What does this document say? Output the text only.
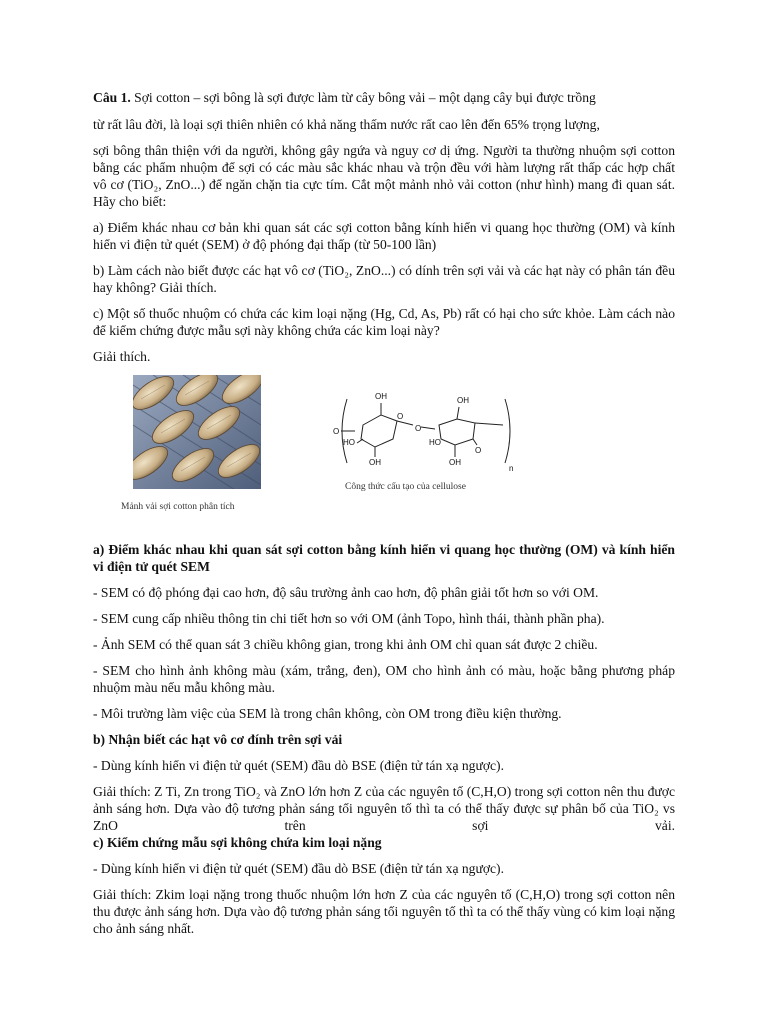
Câu 1. Sợi cotton – sợi bông là sợi được làm từ cây bông vải – một dạng cây bụi được trồng

từ rất lâu đời, là loại sợi thiên nhiên có khả năng thấm nước rất cao lên đến 65% trọng lượng,

sợi bông thân thiện với da người, không gây ngứa và nguy cơ dị ứng. Người ta thường nhuộm sợi cotton bằng các phẩm nhuộm để sợi có các màu sắc khác nhau và trộn đều với hàm lượng rất thấp các hợp chất vô cơ (TiO₂, ZnO...) để ngăn chặn tia cực tím. Cắt một mảnh nhỏ vải cotton (như hình) mang đi quan sát. Hãy cho biết:

a) Điểm khác nhau cơ bản khi quan sát các sợi cotton bằng kính hiển vi quang học thường (OM) và kính hiển vi điện tử quét (SEM) ở độ phóng đại thấp (từ 50-100 lần)

b) Làm cách nào biết được các hạt vô cơ (TiO₂, ZnO...) có dính trên sợi vải và các hạt này có phân tán đều hay không? Giải thích.

c) Một số thuốc nhuộm có chứa các kim loại nặng (Hg, Cd, As, Pb) rất có hại cho sức khỏe. Làm cách nào để kiểm chứng được mẫu sợi này không chứa các kim loại này?

Giải thích.

Mảnh vải sợi cotton phân tích
O
OH
O
HO
OH
O
HO
OH
O
OH
n
Công thức cấu tạo của cellulose

a) Điểm khác nhau khi quan sát sợi cotton bằng kính hiển vi quang học thường (OM) và kính hiển vi điện tử quét SEM

- SEM có độ phóng đại cao hơn, độ sâu trường ảnh cao hơn, độ phân giải tốt hơn so với OM.

- SEM cung cấp nhiều thông tin chi tiết hơn so với OM (ảnh Topo, hình thái, thành phần pha).

- Ảnh SEM có thể quan sát 3 chiều không gian, trong khi ảnh OM chỉ quan sát được 2 chiều.

- SEM cho hình ảnh không màu (xám, trắng, đen), OM cho hình ảnh có màu, hoặc bằng phương pháp nhuộm màu nếu mẫu không màu.

- Môi trường làm việc của SEM là trong chân không, còn OM trong điều kiện thường.

b) Nhận biết các hạt vô cơ đính trên sợi vải

- Dùng kính hiển vi điện tử quét (SEM) đầu dò BSE (điện tử tán xạ ngược).

Giải thích: Z Ti, Zn trong TiO₂ và ZnO lớn hơn Z của các nguyên tố (C,H,O) trong sợi cotton nên thu được ảnh sáng hơn. Dựa vào độ tương phản sáng tối nguyên tố thì ta có thể thấy được sự phân bố của TiO₂ vs ZnO trên sợi vải.

c) Kiểm chứng mẫu sợi không chứa kim loại nặng

- Dùng kính hiển vi điện tử quét (SEM) đầu dò BSE (điện tử tán xạ ngược).

Giải thích: Zkim loại nặng trong thuốc nhuộm lớn hơn Z của các nguyên tố (C,H,O) trong sợi cotton nên thu được ảnh sáng hơn. Dựa vào độ tương phản sáng tối nguyên tố thì ta có thể thấy vùng có kim loại nặng cho ảnh sáng nhất.
